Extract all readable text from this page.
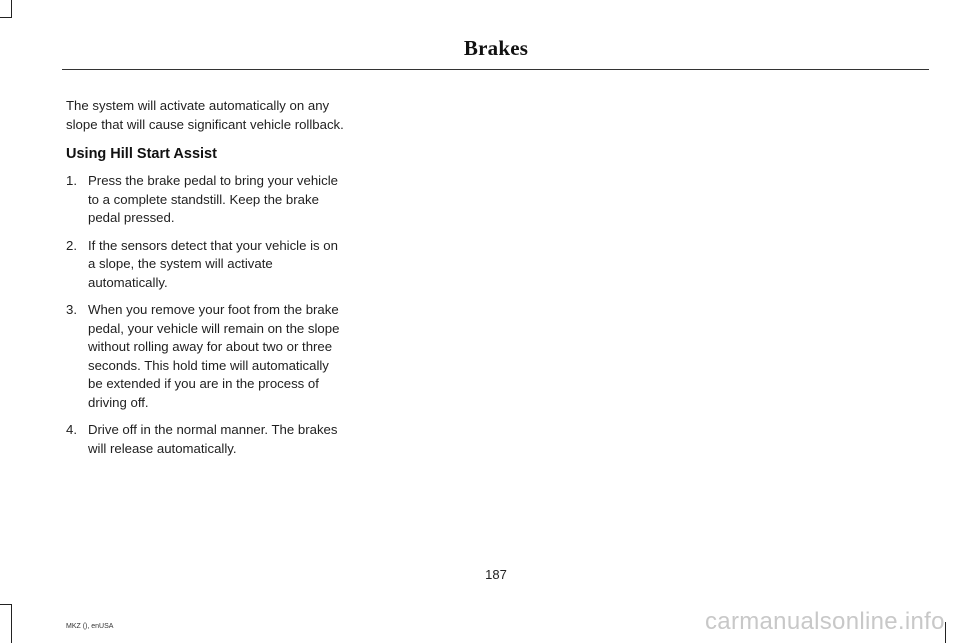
Brakes

The system will activate automatically on any slope that will cause significant vehicle rollback.

Using Hill Start Assist

1. Press the brake pedal to bring your vehicle to a complete standstill. Keep the brake pedal pressed.
2. If the sensors detect that your vehicle is on a slope, the system will activate automatically.
3. When you remove your foot from the brake pedal, your vehicle will remain on the slope without rolling away for about two or three seconds. This hold time will automatically be extended if you are in the process of driving off.
4. Drive off in the normal manner. The brakes will release automatically.
187
MKZ (), enUSA	carmanualsonline.info
